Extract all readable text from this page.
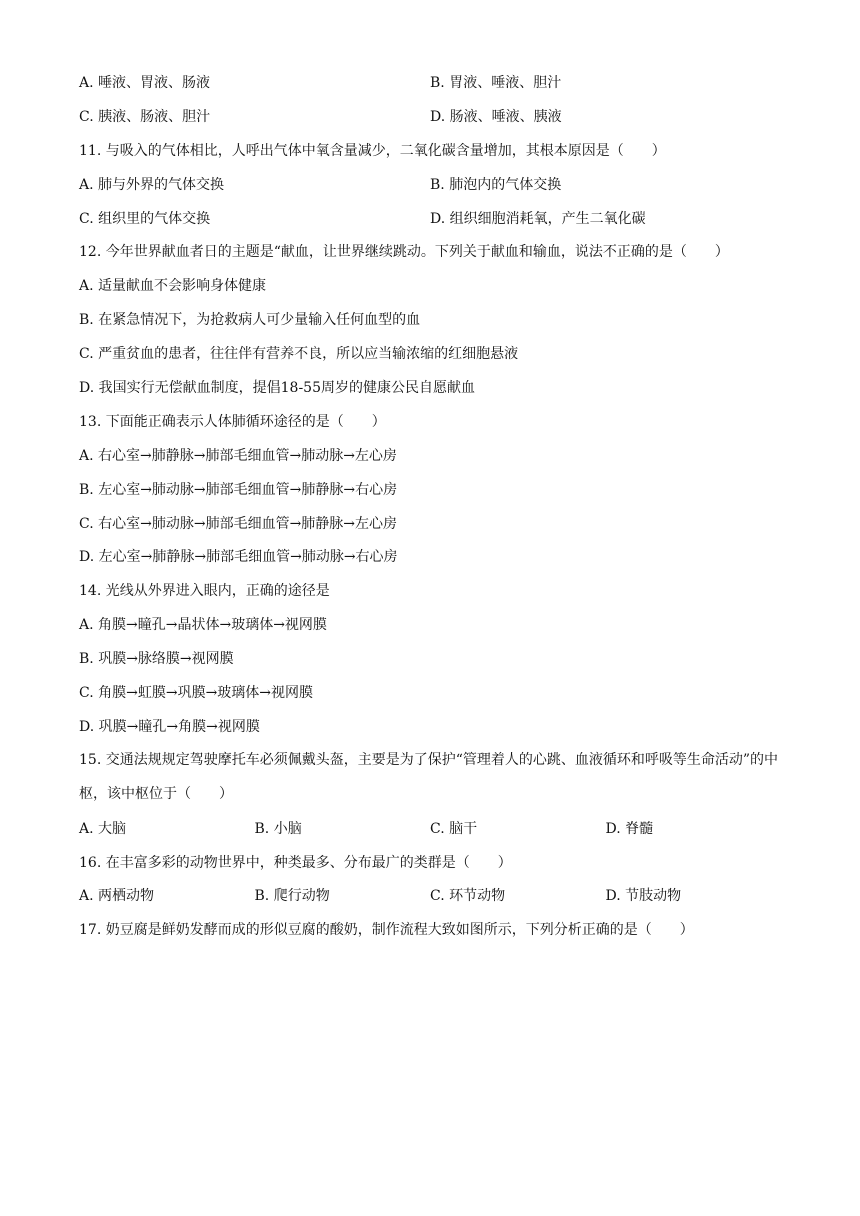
A. 唾液、胃液、肠液	B. 胃液、唾液、胆汁
C. 胰液、肠液、胆汁	D. 肠液、唾液、胰液
11. 与吸入的气体相比，人呼出气体中氧含量减少，二氧化碳含量增加，其根本原因是（　　）
A. 肺与外界的气体交换	B. 肺泡内的气体交换
C. 组织里的气体交换	D. 组织细胞消耗氧，产生二氧化碳
12. 今年世界献血者日的主题是“献血，让世界继续跳动。下列关于献血和输血，说法不正确的是（　　）
A. 适量献血不会影响身体健康
B. 在紧急情况下，为抢救病人可少量输入任何血型的血
C. 严重贫血的患者，往往伴有营养不良，所以应当输浓缩的红细胞悬液
D. 我国实行无偿献血制度，提倡18-55周岁的健康公民自愿献血
13. 下面能正确表示人体肺循环途径的是（　　）
A. 右心室→肺静脉→肺部毛细血管→肺动脉→左心房
B. 左心室→肺动脉→肺部毛细血管→肺静脉→右心房
C. 右心室→肺动脉→肺部毛细血管→肺静脉→左心房
D. 左心室→肺静脉→肺部毛细血管→肺动脉→右心房
14. 光线从外界进入眼内，正确的途径是
A. 角膜→瞳孔→晶状体→玻璃体→视网膜
B. 巩膜→脉络膜→视网膜
C. 角膜→虹膜→巩膜→玻璃体→视网膜
D. 巩膜→瞳孔→角膜→视网膜
15. 交通法规规定驾驶摩托车必须佩戴头盔，主要是为了保护“管理着人的心跳、血液循环和呼吸等生命活动”的中枢，该中枢位于（　　）
A. 大脑	B. 小脑	C. 脑干	D. 脊髓
16. 在丰富多彩的动物世界中，种类最多、分布最广的类群是（　　）
A. 两栖动物	B. 爬行动物	C. 环节动物	D. 节肢动物
17. 奶豆腐是鲜奶发酵而成的形似豆腐的酸奶，制作流程大致如图所示，下列分析正确的是（　　）
